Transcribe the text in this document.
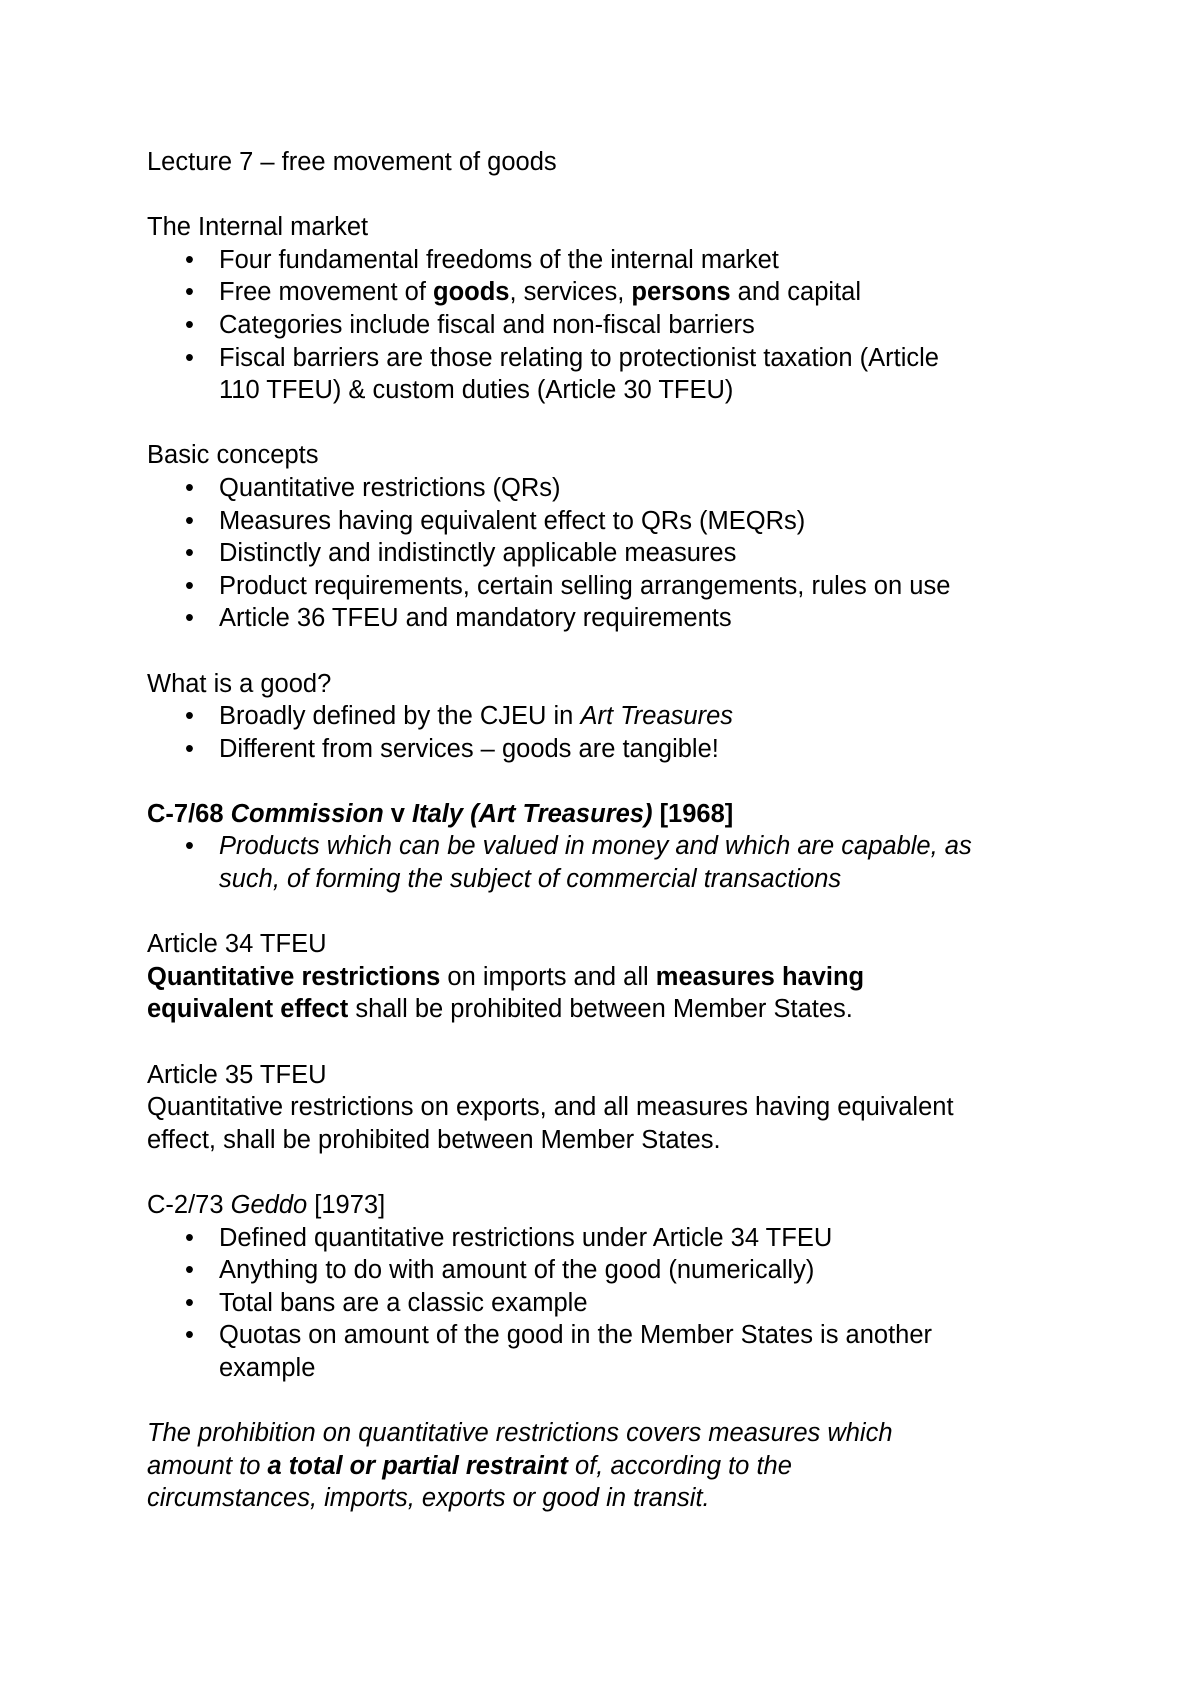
Lecture 7 – free movement of goods

The Internal market

• Four fundamental freedoms of the internal market
• Free movement of goods, services, persons and capital
• Categories include fiscal and non-fiscal barriers
• Fiscal barriers are those relating to protectionist taxation (Article
110 TFEU) & custom duties (Article 30 TFEU)

Basic concepts

• Quantitative restrictions (QRs)
• Measures having equivalent effect to QRs (MEQRs)
• Distinctly and indistinctly applicable measures
• Product requirements, certain selling arrangements, rules on use
• Article 36 TFEU and mandatory requirements

What is a good?

• Broadly defined by the CJEU in Art Treasures
• Different from services – goods are tangible!

C-7/68 Commission v Italy (Art Treasures) [1968]

• Products which can be valued in money and which are capable, as
such, of forming the subject of commercial transactions

Article 34 TFEU

Quantitative restrictions on imports and all measures having

equivalent effect shall be prohibited between Member States.

Article 35 TFEU

Quantitative restrictions on exports, and all measures having equivalent

effect, shall be prohibited between Member States.

C-2/73 Geddo [1973]

• Defined quantitative restrictions under Article 34 TFEU
• Anything to do with amount of the good (numerically)
• Total bans are a classic example
• Quotas on amount of the good in the Member States is another
example

The prohibition on quantitative restrictions covers measures which

amount to a total or partial restraint of, according to the

circumstances, imports, exports or good in transit.
